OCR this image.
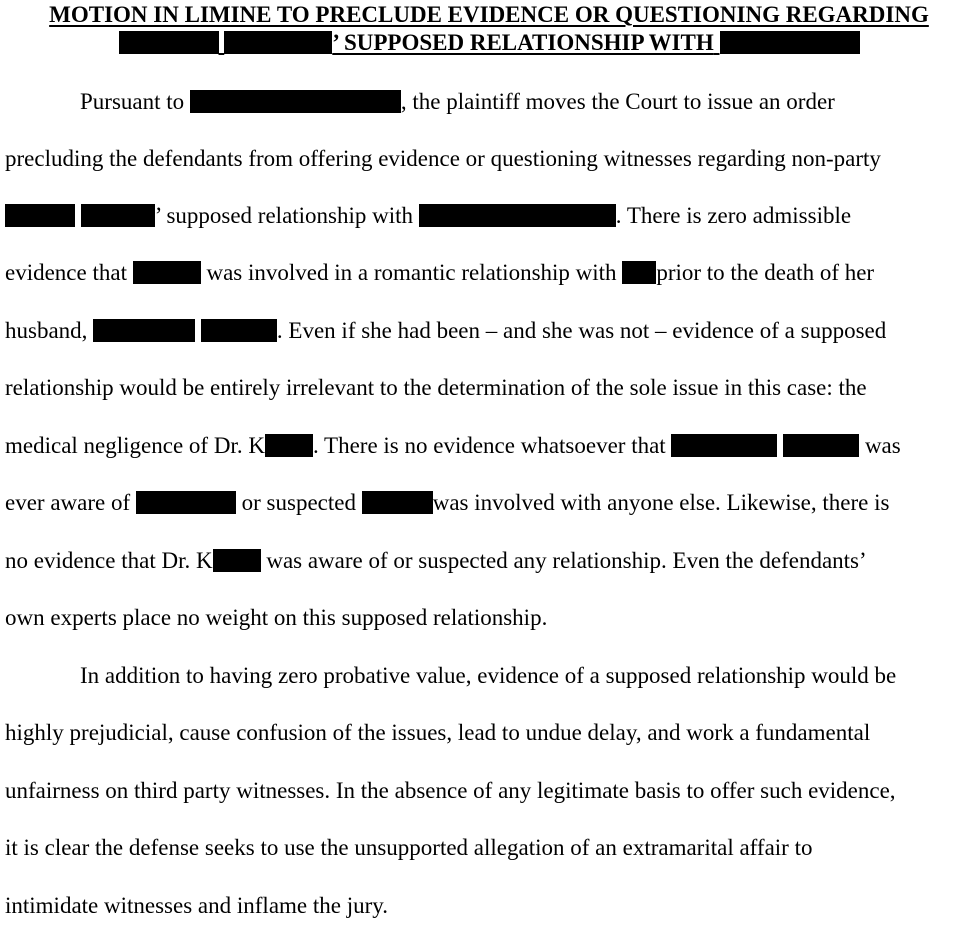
MOTION IN LIMINE TO PRECLUDE EVIDENCE OR QUESTIONING REGARDING
’ SUPPOSED RELATIONSHIP WITH
Pursuant to	, the plaintiff moves the Court to issue an order
precluding the defendants from offering evidence or questioning witnesses regarding non-party
’ supposed relationship with	. There is zero admissible
evidence that	was involved in a romantic relationship with prior to the death of her
husband,	. Even if she had been – and she was not – evidence of a supposed
relationship would be entirely irrelevant to the determination of the sole issue in this case: the
medical negligence of Dr. K . There is no evidence whatsoever that	was
ever aware of	or suspected	was involved with anyone else. Likewise, there is
no evidence that Dr. K was aware of or suspected any relationship. Even the defendants’
own experts place no weight on this supposed relationship.
In addition to having zero probative value, evidence of a supposed relationship would be
highly prejudicial, cause confusion of the issues, lead to undue delay, and work a fundamental
unfairness on third party witnesses. In the absence of any legitimate basis to offer such evidence,
it is clear the defense seeks to use the unsupported allegation of an extramarital affair to
intimidate witnesses and inflame the jury.
